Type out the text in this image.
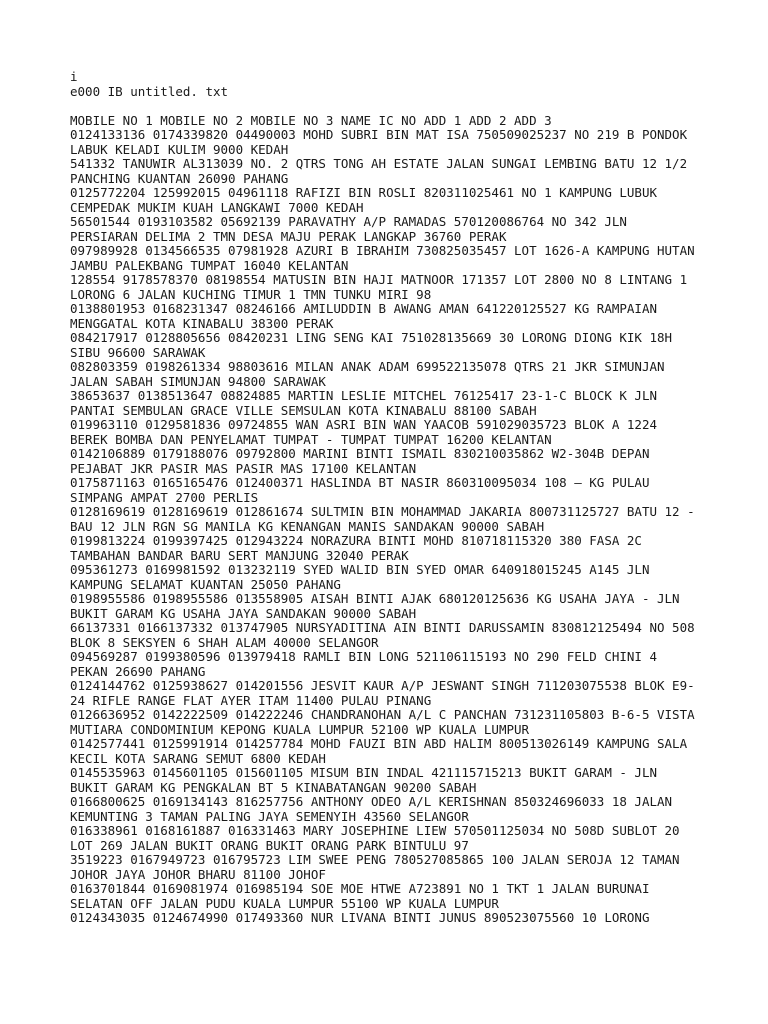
i
e000 IB untitled. txt
MOBILE NO 1 MOBILE NO 2 MOBILE NO 3 NAME IC NO ADD 1 ADD 2 ADD 3
0124133136 0174339820 04490003 MOHD SUBRI BIN MAT ISA 750509025237 NO 219 B PONDOK
LABUK KELADI KULIM 9000 KEDAH
541332 TANUWIR AL313039 NO. 2 QTRS TONG AH ESTATE JALAN SUNGAI LEMBING BATU 12 1/2
PANCHING KUANTAN 26090 PAHANG
0125772204 125992015 04961118 RAFIZI BIN ROSLI 820311025461 NO 1 KAMPUNG LUBUK
CEMPEDAK MUKIM KUAH LANGKAWI 7000 KEDAH
56501544 0193103582 05692139 PARAVATHY A/P RAMADAS 570120086764 NO 342 JLN
PERSIARAN DELIMA 2 TMN DESA MAJU PERAK LANGKAP 36760 PERAK
097989928 0134566535 07981928 AZURI B IBRAHIM 730825035457 LOT 1626-A KAMPUNG HUTAN
JAMBU PALEKBANG TUMPAT 16040 KELANTAN
128554 9178578370 08198554 MATUSIN BIN HAJI MATNOOR 171357 LOT 2800 NO 8 LINTANG 1
LORONG 6 JALAN KUCHING TIMUR 1 TMN TUNKU MIRI 98
0138801953 0168231347 08246166 AMILUDDIN B AWANG AMAN 641220125527 KG RAMPAIAN
MENGGATAL KOTA KINABALU 38300 PERAK
084217917 0128805656 08420231 LING SENG KAI 751028135669 30 LORONG DIONG KIK 18H
SIBU 96600 SARAWAK
082803359 0198261334 98803616 MILAN ANAK ADAM 699522135078 QTRS 21 JKR SIMUNJAN
JALAN SABAH SIMUNJAN 94800 SARAWAK
38653637 0138513647 08824885 MARTIN LESLIE MITCHEL 76125417 23-1-C BLOCK K JLN
PANTAI SEMBULAN GRACE VILLE SEMSULAN KOTA KINABALU 88100 SABAH
019963110 0129581836 09724855 WAN ASRI BIN WAN YAACOB 591029035723 BLOK A 1224
BEREK BOMBA DAN PENYELAMAT TUMPAT - TUMPAT TUMPAT 16200 KELANTAN
0142106889 0179188076 09792800 MARINI BINTI ISMAIL 830210035862 W2-304B DEPAN
PEJABAT JKR PASIR MAS PASIR MAS 17100 KELANTAN
0175871163 0165165476 012400371 HASLINDA BT NASIR 860310095034 108 — KG PULAU
SIMPANG AMPAT 2700 PERLIS
0128169619 0128169619 012861674 SULTMIN BIN MOHAMMAD JAKARIA 800731125727 BATU 12 -
BAU 12 JLN RGN SG MANILA KG KENANGAN MANIS SANDAKAN 90000 SABAH
0199813224 0199397425 012943224 NORAZURA BINTI MOHD 810718115320 380 FASA 2C
TAMBAHAN BANDAR BARU SERT MANJUNG 32040 PERAK
095361273 0169981592 013232119 SYED WALID BIN SYED OMAR 640918015245 A145 JLN
KAMPUNG SELAMAT KUANTAN 25050 PAHANG
0198955586 0198955586 013558905 AISAH BINTI AJAK 680120125636 KG USAHA JAYA - JLN
BUKIT GARAM KG USAHA JAYA SANDAKAN 90000 SABAH
66137331 0166137332 013747905 NURSYADITINA AIN BINTI DARUSSAMIN 830812125494 NO 508
BLOK 8 SEKSYEN 6 SHAH ALAM 40000 SELANGOR
094569287 0199380596 013979418 RAMLI BIN LONG 521106115193 NO 290 FELD CHINI 4
PEKAN 26690 PAHANG
0124144762 0125938627 014201556 JESVIT KAUR A/P JESWANT SINGH 711203075538 BLOK E9-
24 RIFLE RANGE FLAT AYER ITAM 11400 PULAU PINANG
0126636952 0142222509 014222246 CHANDRANOHAN A/L C PANCHAN 731231105803 B-6-5 VISTA
MUTIARA CONDOMINIUM KEPONG KUALA LUMPUR 52100 WP KUALA LUMPUR
0142577441 0125991914 014257784 MOHD FAUZI BIN ABD HALIM 800513026149 KAMPUNG SALA
KECIL KOTA SARANG SEMUT 6800 KEDAH
0145535963 0145601105 015601105 MISUM BIN INDAL 421115715213 BUKIT GARAM - JLN
BUKIT GARAM KG PENGKALAN BT 5 KINABATANGAN 90200 SABAH
0166800625 0169134143 816257756 ANTHONY ODEO A/L KERISHNAN 850324696033 18 JALAN
KEMUNTING 3 TAMAN PALING JAYA SEMENYIH 43560 SELANGOR
016338961 0168161887 016331463 MARY JOSEPHINE LIEW 570501125034 NO 508D SUBLOT 20
LOT 269 JALAN BUKIT ORANG BUKIT ORANG PARK BINTULU 97
3519223 0167949723 016795723 LIM SWEE PENG 780527085865 100 JALAN SEROJA 12 TAMAN
JOHOR JAYA JOHOR BHARU 81100 JOHOF
0163701844 0169081974 016985194 SOE MOE HTWE A723891 NO 1 TKT 1 JALAN BURUNAI
SELATAN OFF JALAN PUDU KUALA LUMPUR 55100 WP KUALA LUMPUR
0124343035 0124674990 017493360 NUR LIVANA BINTI JUNUS 890523075560 10 LORONG
